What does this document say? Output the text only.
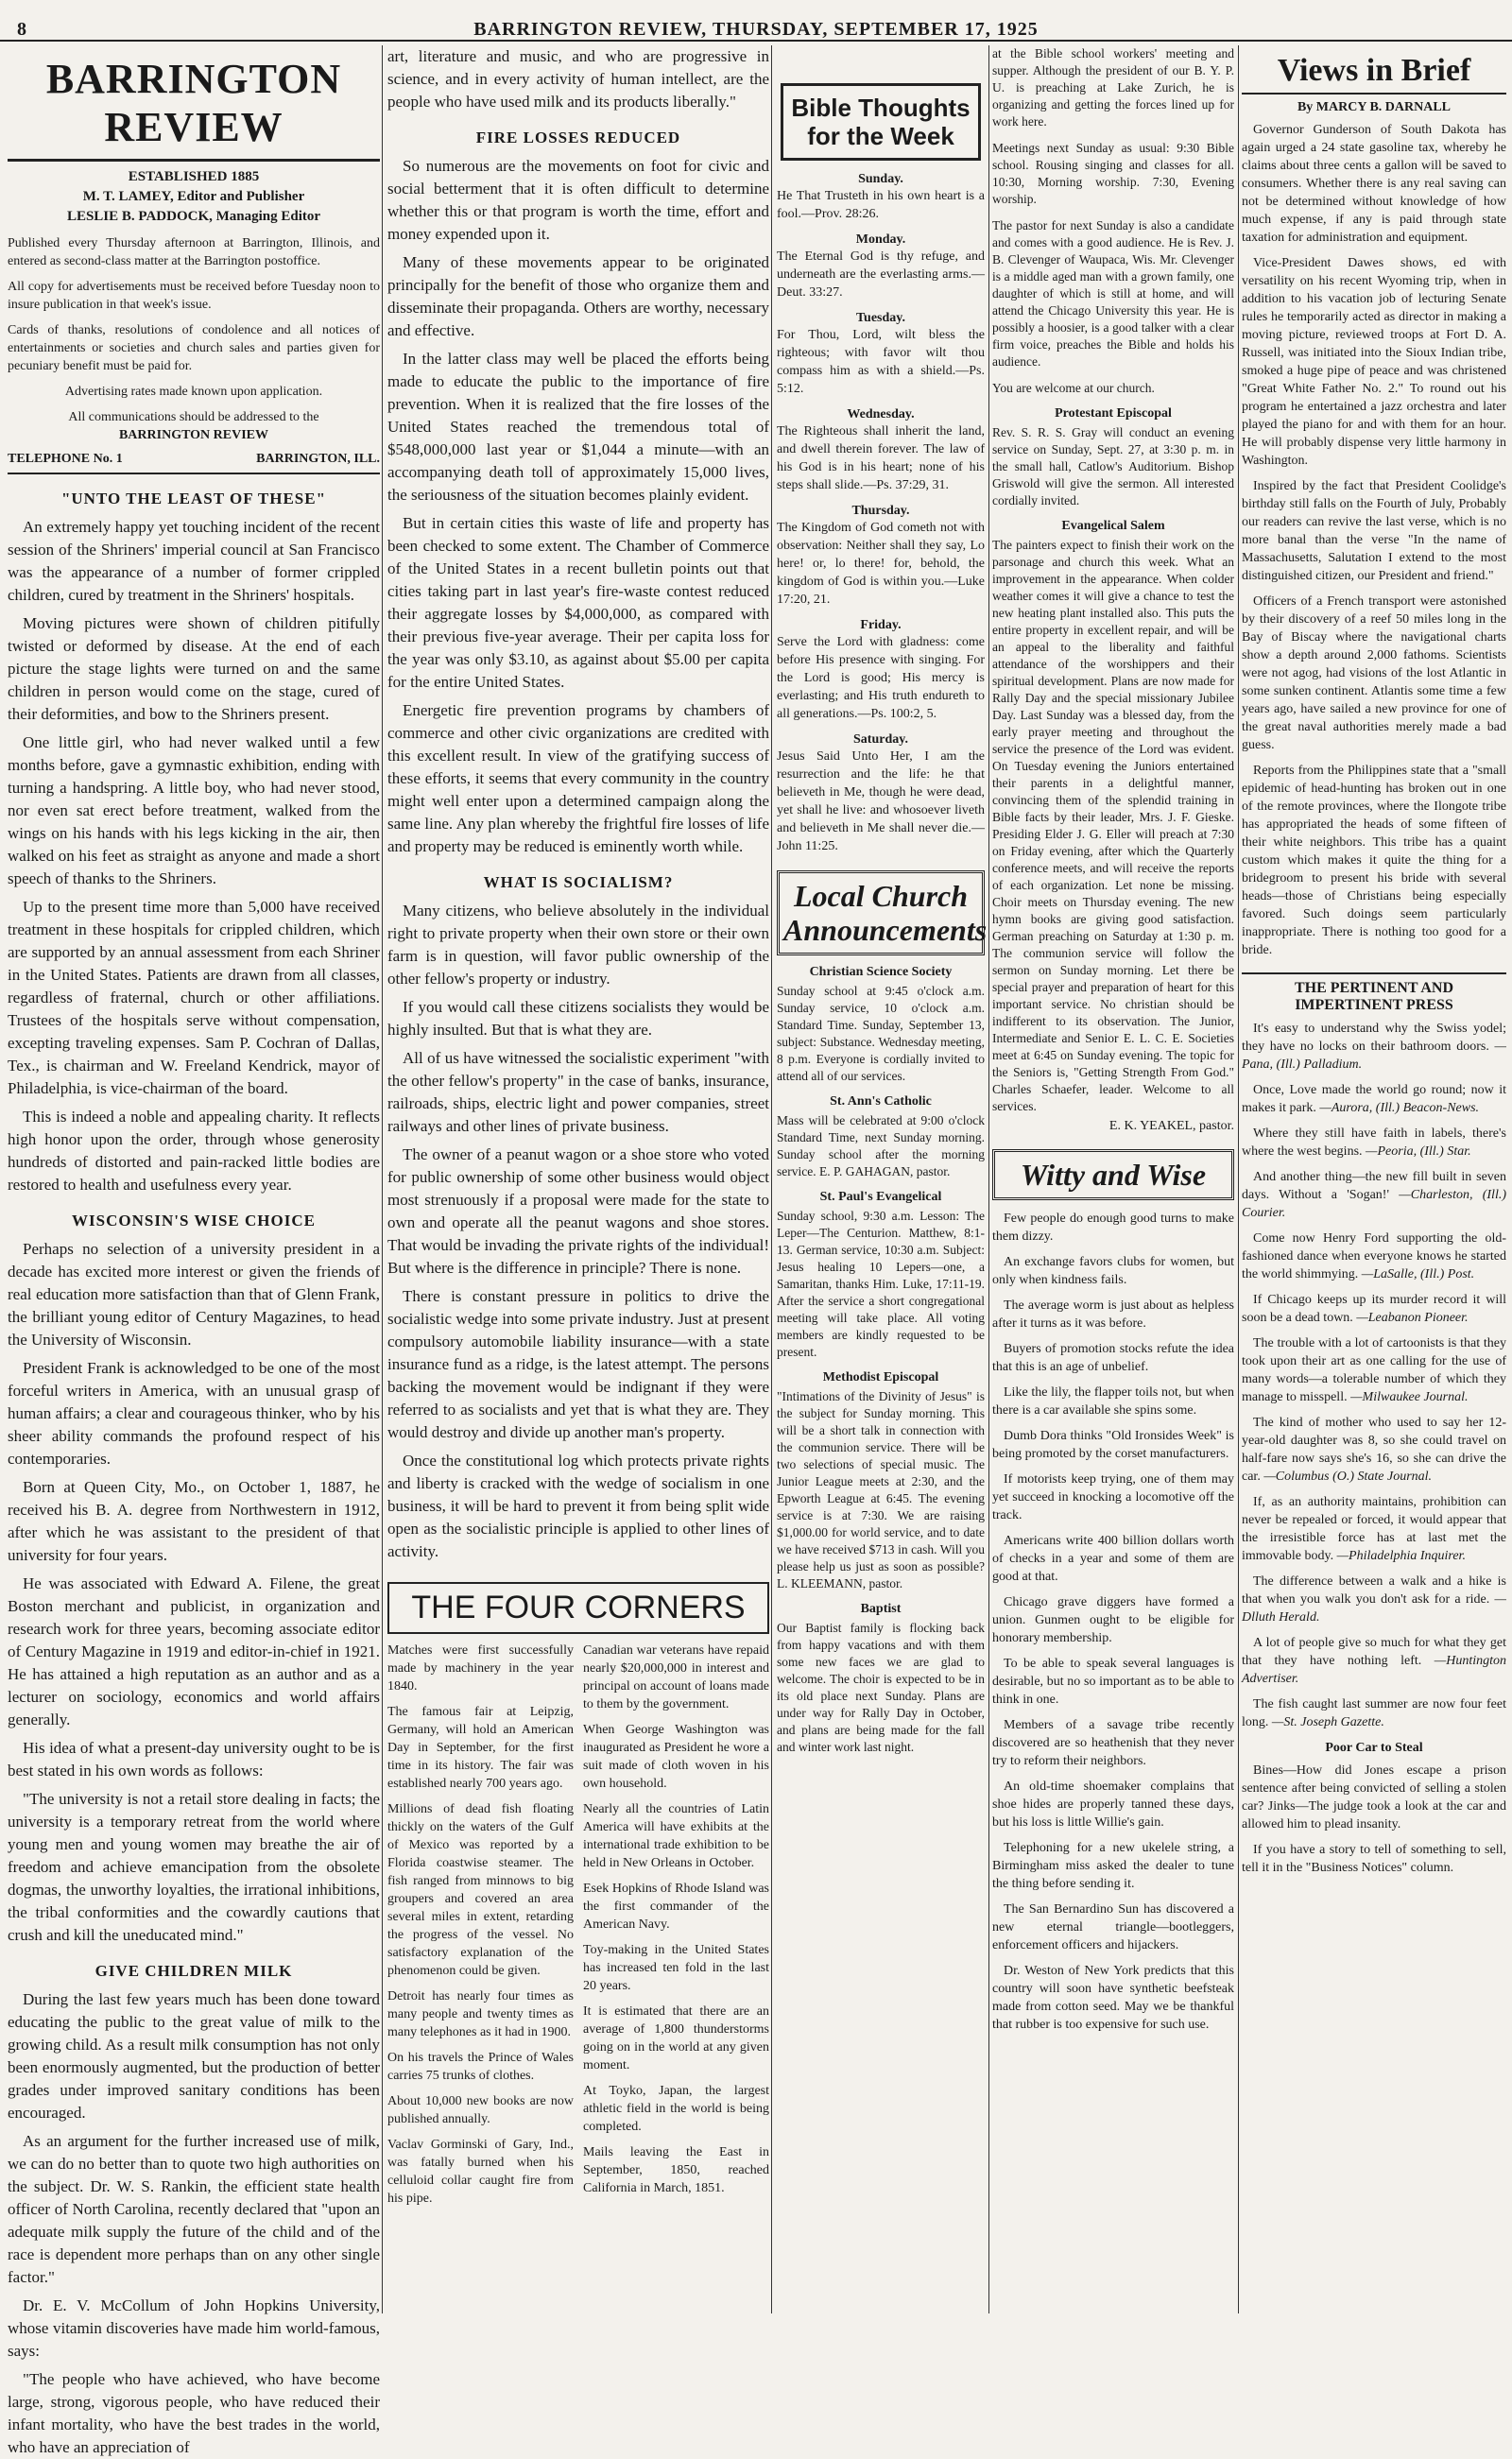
8	BARRINGTON REVIEW, THURSDAY, SEPTEMBER 17, 1925
BARRINGTON REVIEW
ESTABLISHED 1885
M. T. LAMEY, Editor and Publisher
LESLIE B. PADDOCK, Managing Editor
Published every Thursday afternoon at Barrington, Illinois, and entered as second-class matter at the Barrington postoffice.
All copy for advertisements must be received before Tuesday noon to insure publication in that week's issue.
Cards of thanks, resolutions of condolence and all notices of entertainments or societies and church sales and parties given for pecuniary benefit must be paid for.
Advertising rates made known upon application.
All communications should be addressed to the
BARRINGTON REVIEW
TELEPHONE No. 1	BARRINGTON, ILL.
"UNTO THE LEAST OF THESE"

An extremely happy yet touching incident of the recent session of the Shriners' imperial council at San Francisco was the appearance of a number of former crippled children, cured by treatment in the Shriners' hospitals.

Moving pictures were shown of children pitifully twisted or deformed by disease. At the end of each picture the stage lights were turned on and the same children in person would come on the stage, cured of their deformities, and bow to the Shriners present.

One little girl, who had never walked until a few months before, gave a gymnastic exhibition, ending with turning a handspring. A little boy, who had never stood, nor even sat erect before treatment, walked from the wings on his hands with his legs kicking in the air, then walked on his feet as straight as anyone and made a short speech of thanks to the Shriners.

Up to the present time more than 5,000 have received treatment in these hospitals for crippled children, which are supported by an annual assessment from each Shriner in the United States. Patients are drawn from all classes, regardless of fraternal, church or other affiliations. Trustees of the hospitals serve without compensation, excepting traveling expenses. Sam P. Cochran of Dallas, Tex., is chairman and W. Freeland Kendrick, mayor of Philadelphia, is vice-chairman of the board.

This is indeed a noble and appealing charity. It reflects high honor upon the order, through whose generosity hundreds of distorted and pain-racked little bodies are restored to health and usefulness every year.

WISCONSIN'S WISE CHOICE

Perhaps no selection of a university president in a decade has excited more interest or given the friends of real education more satisfaction than that of Glenn Frank, the brilliant young editor of Century Magazines, to head the University of Wisconsin.

President Frank is acknowledged to be one of the most forceful writers in America, with an unusual grasp of human affairs; a clear and courageous thinker, who by his sheer ability commands the profound respect of his contemporaries.

Born at Queen City, Mo., on October 1, 1887, he received his B. A. degree from Northwestern in 1912, after which he was assistant to the president of that university for four years.

He was associated with Edward A. Filene, the great Boston merchant and publicist, in organization and research work for three years, becoming associate editor of Century Magazine in 1919 and editor-in-chief in 1921. He has attained a high reputation as an author and as a lecturer on sociology, economics and world affairs generally.

His idea of what a present-day university ought to be is best stated in his own words as follows:

"The university is not a retail store dealing in facts; the university is a temporary retreat from the world where young men and young women may breathe the air of freedom and achieve emancipation from the obsolete dogmas, the unworthy loyalties, the irrational inhibitions, the tribal conformities and the cowardly cautions that crush and kill the uneducated mind."

GIVE CHILDREN MILK

During the last few years much has been done toward educating the public to the great value of milk to the growing child. As a result milk consumption has not only been enormously augmented, but the production of better grades under improved sanitary conditions has been encouraged.

As an argument for the further increased use of milk, we can do no better than to quote two high authorities on the subject. Dr. W. S. Rankin, the efficient state health officer of North Carolina, recently declared that "upon an adequate milk supply the future of the child and of the race is dependent more perhaps than on any other single factor."

Dr. E. V. McCollum of John Hopkins University, whose vitamin discoveries have made him world-famous, says:

"The people who have achieved, who have become large, strong, vigorous people, who have reduced their infant mortality, who have the best trades in the world, who have an appreciation of

art, literature and music, and who are progressive in science, and in every activity of human intellect, are the people who have used milk and its products liberally."

FIRE LOSSES REDUCED

So numerous are the movements on foot for civic and social betterment that it is often difficult to determine whether this or that program is worth the time, effort and money expended upon it.

Many of these movements appear to be originated principally for the benefit of those who organize them and disseminate their propaganda. Others are worthy, necessary and effective.

In the latter class may well be placed the efforts being made to educate the public to the importance of fire prevention. When it is realized that the fire losses of the United States reached the tremendous total of $548,000,000 last year or $1,044 a minute—with an accompanying death toll of approximately 15,000 lives, the seriousness of the situation becomes plainly evident.

But in certain cities this waste of life and property has been checked to some extent. The Chamber of Commerce of the United States in a recent bulletin points out that cities taking part in last year's fire-waste contest reduced their aggregate losses by $4,000,000, as compared with their previous five-year average. Their per capita loss for the year was only $3.10, as against about $5.00 per capita for the entire United States.

Energetic fire prevention programs by chambers of commerce and other civic organizations are credited with this excellent result. In view of the gratifying success of these efforts, it seems that every community in the country might well enter upon a determined campaign along the same line. Any plan whereby the frightful fire losses of life and property may be reduced is eminently worth while.

WHAT IS SOCIALISM?

Many citizens, who believe absolutely in the individual right to private property when their own store or their own farm is in question, will favor public ownership of the other fellow's property or industry.

If you would call these citizens socialists they would be highly insulted. But that is what they are.

All of us have witnessed the socialistic experiment "with the other fellow's property" in the case of banks, insurance, railroads, ships, electric light and power companies, street railways and other lines of private business.

The owner of a peanut wagon or a shoe store who voted for public ownership of some other business would object most strenuously if a proposal were made for the state to own and operate all the peanut wagons and shoe stores. That would be invading the private rights of the individual! But where is the difference in principle? There is none.

There is constant pressure in politics to drive the socialistic wedge into some private industry. Just at present compulsory automobile liability insurance—with a state insurance fund as a ridge, is the latest attempt. The persons backing the movement would be indignant if they were referred to as socialists and yet that is what they are. They would destroy and divide up another man's property.

Once the constitutional log which protects private rights and liberty is cracked with the wedge of socialism in one business, it will be hard to prevent it from being split wide open as the socialistic principle is applied to other lines of activity.

THE FOUR CORNERS
Matches were first successfully made by machinery in the year 1840.
The famous fair at Leipzig, Germany, will hold an American Day in September, for the first time in its history. The fair was established nearly 700 years ago.
Millions of dead fish floating thickly on the waters of the Gulf of Mexico was reported by a Florida coastwise steamer. The fish ranged from minnows to big groupers and covered an area several miles in extent, retarding the progress of the vessel. No satisfactory explanation of the phenomenon could be given.
Detroit has nearly four times as many people and twenty times as many telephones as it had in 1900.
On his travels the Prince of Wales carries 75 trunks of clothes.
About 10,000 new books are now published annually.
Vaclav Gorminski of Gary, Ind., was fatally burned when his celluloid collar caught fire from his pipe.
Canadian war veterans have repaid nearly $20,000,000 in interest and principal on account of loans made to them by the government.
When George Washington was inaugurated as President he wore a suit made of cloth woven in his own household.
Nearly all the countries of Latin America will have exhibits at the international trade exhibition to be held in New Orleans in October.
Esek Hopkins of Rhode Island was the first commander of the American Navy.
Toy-making in the United States has increased ten fold in the last 20 years.
It is estimated that there are an average of 1,800 thunderstorms going on in the world at any given moment.
At Toyko, Japan, the largest athletic field in the world is being completed.
Mails leaving the East in September, 1850, reached California in March, 1851.
Bible Thoughts for the Week
Sunday.
He That Trusteth in his own heart is a fool.—Prov. 28:26.
Monday.
The Eternal God is thy refuge, and underneath are the everlasting arms.—Deut. 33:27.
Tuesday.
For Thou, Lord, wilt bless the righteous; with favor wilt thou compass him as with a shield.—Ps. 5:12.
Wednesday.
The Righteous shall inherit the land, and dwell therein forever. The law of his God is in his heart; none of his steps shall slide.—Ps. 37:29, 31.
Thursday.
The Kingdom of God cometh not with observation: Neither shall they say, Lo here! or, lo there! for, behold, the kingdom of God is within you.—Luke 17:20, 21.
Friday.
Serve the Lord with gladness: come before His presence with singing. For the Lord is good; His mercy is everlasting; and His truth endureth to all generations.—Ps. 100:2, 5.
Saturday.
Jesus Said Unto Her, I am the resurrection and the life: he that believeth in Me, though he were dead, yet shall he live: and whosoever liveth and believeth in Me shall never die.—John 11:25.
Local Church Announcements
Christian Science Society
Sunday school at 9:45 o'clock a.m. Sunday service, 10 o'clock a.m. Standard Time. Sunday, September 13, subject: Substance. Wednesday meeting, 8 p.m. Everyone is cordially invited to attend all of our services.
St. Ann's Catholic
Mass will be celebrated at 9:00 o'clock Standard Time, next Sunday morning. Sunday school after the morning service. E. P. GAHAGAN, pastor.
St. Paul's Evangelical
Sunday school, 9:30 a.m. Lesson: The Leper—The Centurion. Matthew, 8:1-13. German service, 10:30 a.m. Subject: Jesus healing 10 Lepers—one, a Samaritan, thanks Him. Luke, 17:11-19. After the service a short congregational meeting will take place. All voting members are kindly requested to be present.
Methodist Episcopal
"Intimations of the Divinity of Jesus" is the subject for Sunday morning. This will be a short talk in connection with the communion service. There will be two selections of special music. The Junior League meets at 2:30, and the Epworth League at 6:45. The evening service is at 7:30. We are raising $1,000.00 for world service, and to date we have received $713 in cash. Will you please help us just as soon as possible? L. KLEEMANN, pastor.
Baptist
Our Baptist family is flocking back from happy vacations and with them some new faces we are glad to welcome. The choir is expected to be in its old place next Sunday. Plans are under way for Rally Day in October, and plans are being made for the fall and winter work last night.
at the Bible school workers' meeting and supper. Although the president of our B. Y. P. U. is preaching at Lake Zurich, he is organizing and getting the forces lined up for work here.
Meetings next Sunday as usual: 9:30 Bible school. Rousing singing and classes for all. 10:30, Morning worship. 7:30, Evening worship.
The pastor for next Sunday is also a candidate and comes with a good audience. He is Rev. J. B. Clevenger of Waupaca, Wis. Mr. Clevenger is a middle aged man with a grown family, one daughter of which is still at home, and will attend the Chicago University this year. He is possibly a hoosier, is a good talker with a clear firm voice, preaches the Bible and holds his audience.
You are welcome at our church.
Protestant Episcopal
Rev. S. R. S. Gray will conduct an evening service on Sunday, Sept. 27, at 3:30 p. m. in the small hall, Catlow's Auditorium. Bishop Griswold will give the sermon. All interested cordially invited.
Evangelical Salem
The painters expect to finish their work on the parsonage and church this week. What an improvement in the appearance. When colder weather comes it will give a chance to test the new heating plant installed also. This puts the entire property in excellent repair, and will be an appeal to the liberality and faithful attendance of the worshippers and their spiritual development. Plans are now made for Rally Day and the special missionary Jubilee Day. Last Sunday was a blessed day, from the early prayer meeting and throughout the service the presence of the Lord was evident. On Tuesday evening the Juniors entertained their parents in a delightful manner, convincing them of the splendid training in Bible facts by their leader, Mrs. J. F. Gieske. Presiding Elder J. G. Eller will preach at 7:30 on Friday evening, after which the Quarterly conference meets, and will receive the reports of each organization. Let none be missing. Choir meets on Thursday evening. The new hymn books are giving good satisfaction. German preaching on Saturday at 1:30 p. m. The communion service will follow the sermon on Sunday morning. Let there be special prayer and preparation of heart for this important service. No christian should be indifferent to its observation. The Junior, Intermediate and Senior E. L. C. E. Societies meet at 6:45 on Sunday evening. The topic for the Seniors is, "Getting Strength From God." Charles Schaefer, leader. Welcome to all services.
E. K. YEAKEL, pastor.
Witty and Wise
Few people do enough good turns to make them dizzy.
An exchange favors clubs for women, but only when kindness fails.
The average worm is just about as helpless after it turns as it was before.
Buyers of promotion stocks refute the idea that this is an age of unbelief.
Like the lily, the flapper toils not, but when there is a car available she spins some.
Dumb Dora thinks "Old Ironsides Week" is being promoted by the corset manufacturers.
If motorists keep trying, one of them may yet succeed in knocking a locomotive off the track.
Americans write 400 billion dollars worth of checks in a year and some of them are good at that.
Chicago grave diggers have formed a union. Gunmen ought to be eligible for honorary membership.
To be able to speak several languages is desirable, but no so important as to be able to think in one.
Members of a savage tribe recently discovered are so heathenish that they never try to reform their neighbors.
An old-time shoemaker complains that shoe hides are properly tanned these days, but his loss is little Willie's gain.
Telephoning for a new ukelele string, a Birmingham miss asked the dealer to tune the thing before sending it.
The San Bernardino Sun has discovered a new eternal triangle—bootleggers, enforcement officers and hijackers.
Dr. Weston of New York predicts that this country will soon have synthetic beefsteak made from cotton seed. May we be thankful that rubber is too expensive for such use.
Views in Brief
By MARCY B. DARNALL
Governor Gunderson of South Dakota has again urged a 24 state gasoline tax, whereby he claims about three cents a gallon will be saved to consumers. Whether there is any real saving can not be determined without knowledge of how much expense, if any is paid through state taxation for administration and equipment.
Vice-President Dawes shows, ed with versatility on his recent Wyoming trip, when in addition to his vacation job of lecturing Senate rules he temporarily acted as director in making a moving picture, reviewed troops at Fort D. A. Russell, was initiated into the Sioux Indian tribe, smoked a huge pipe of peace and was christened "Great White Father No. 2." To round out his program he entertained a jazz orchestra and later played the piano for and with them for an hour. He will probably dispense very little harmony in Washington.
Inspired by the fact that President Coolidge's birthday still falls on the Fourth of July, Probably our readers can revive the last verse, which is no more banal than the verse "In the name of Massachusetts, Salutation I extend to the most distinguished citizen, our President and friend."
Officers of a French transport were astonished by their discovery of a reef 50 miles long in the Bay of Biscay where the navigational charts show a depth around 2,000 fathoms. Scientists were not agog, had visions of the lost Atlantic in some sunken continent. Atlantis some time a few years ago, have sailed a new province for one of the great naval authorities merely made a bad guess.
Reports from the Philippines state that a "small epidemic of head-hunting has broken out in one of the remote provinces, where the Ilongote tribe has appropriated the heads of some fifteen of their white neighbors. This tribe has a quaint custom which makes it quite the thing for a bridegroom to present his bride with several heads—those of Christians being especially favored. Such doings seem particularly inappropriate. There is nothing too good for a bride.
THE PERTINENT AND IMPERTINENT PRESS
It's easy to understand why the Swiss yodel; they have no locks on their bathroom doors. —Pana, (Ill.) Palladium.
Once, Love made the world go round; now it makes it park. —Aurora, (Ill.) Beacon-News.
Where they still have faith in labels, there's where the west begins. —Peoria, (Ill.) Star.
And another thing—the new fill built in seven days. Without a 'Sogan!' —Charleston, (Ill.) Courier.
Come now Henry Ford supporting the old-fashioned dance when everyone knows he started the world shimmying. —LaSalle, (Ill.) Post.
If Chicago keeps up its murder record it will soon be a dead town. —Leabanon Pioneer.
The trouble with a lot of cartoonists is that they took upon their art as one calling for the use of many words—a tolerable number of which they manage to misspell. —Milwaukee Journal.
The kind of mother who used to say her 12-year-old daughter was 8, so she could travel on half-fare now says she's 16, so she can drive the car. —Columbus (O.) State Journal.
If, as an authority maintains, prohibition can never be repealed or forced, it would appear that the irresistible force has at last met the immovable body. —Philadelphia Inquirer.
The difference between a walk and a hike is that when you walk you don't ask for a ride. —Dlluth Herald.
A lot of people give so much for what they get that they have nothing left. —Huntington Advertiser.
The fish caught last summer are now four feet long. —St. Joseph Gazette.
Poor Car to Steal
Bines—How did Jones escape a prison sentence after being convicted of selling a stolen car? Jinks—The judge took a look at the car and allowed him to plead insanity.
If you have a story to tell of something to sell, tell it in the "Business Notices" column.
